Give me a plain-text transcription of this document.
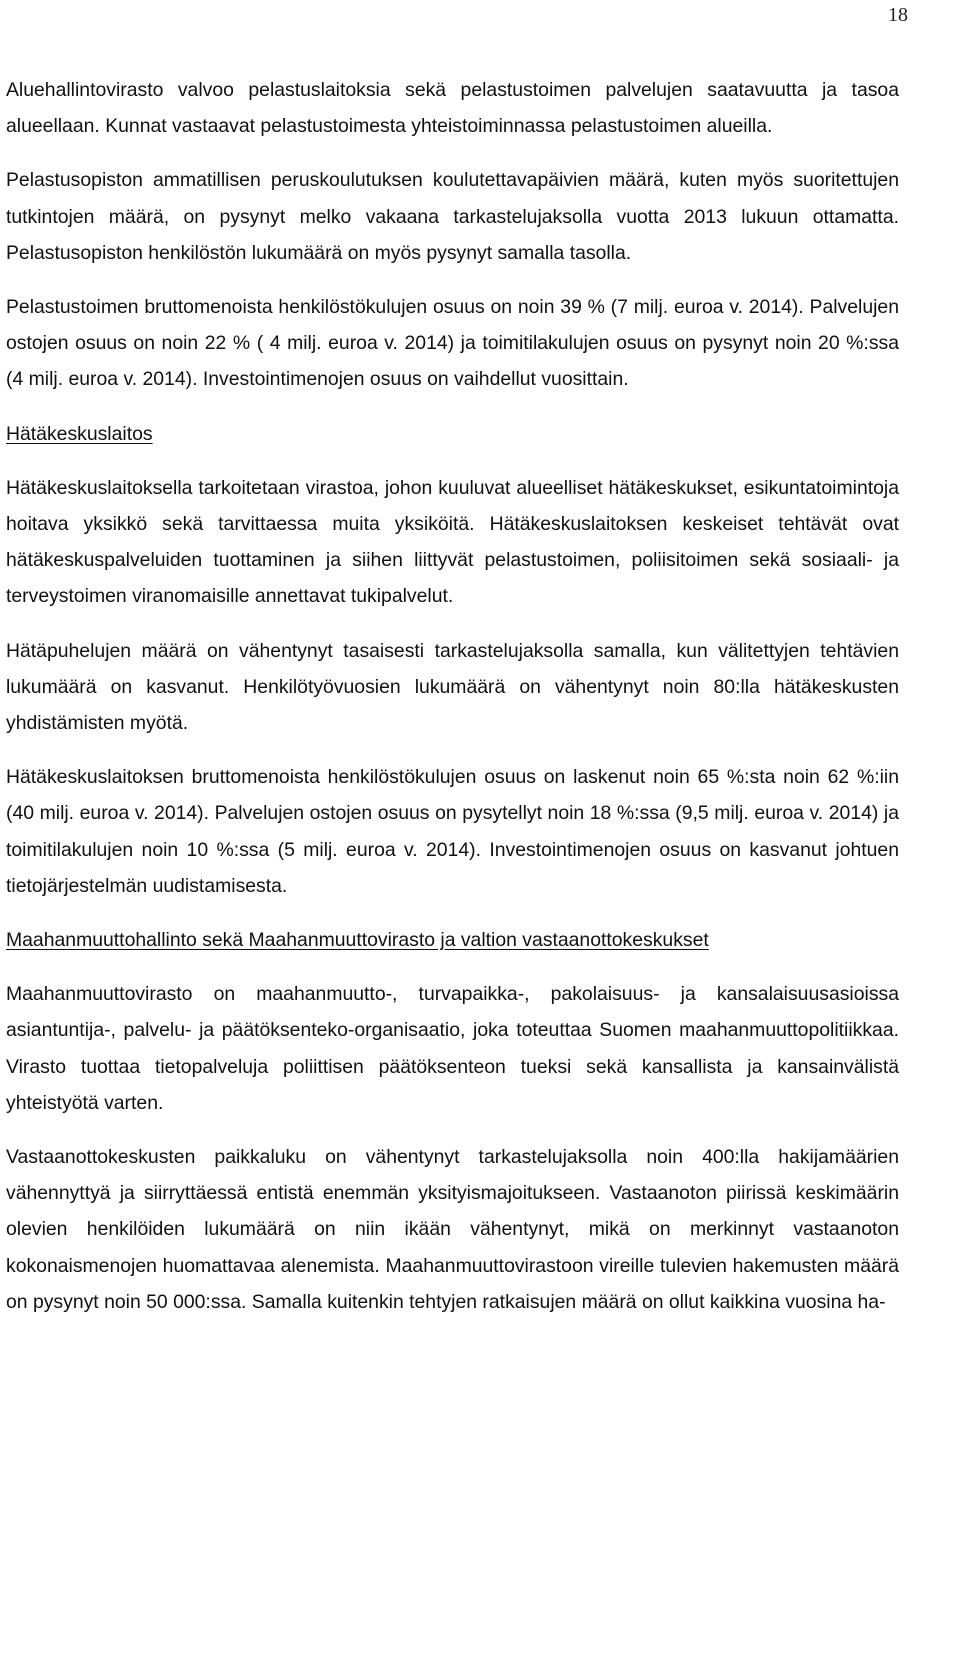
18

Aluehallintovirasto valvoo pelastuslaitoksia sekä pelastustoimen palvelujen saatavuutta ja tasoa alueellaan. Kunnat vastaavat pelastustoimesta yhteistoiminnassa pelastustoimen alueilla.

Pelastusopiston ammatillisen peruskoulutuksen koulutettavapäivien määrä, kuten myös suoritettujen tutkintojen määrä, on pysynyt melko vakaana tarkastelujaksolla vuotta 2013 lukuun ottamatta. Pelastusopiston henkilöstön lukumäärä on myös pysynyt samalla tasolla.

Pelastustoimen bruttomenoista henkilöstökulujen osuus on noin 39 % (7 milj. euroa v. 2014). Palvelujen ostojen osuus on noin 22 % ( 4 milj. euroa v. 2014) ja toimitilakulujen osuus on pysynyt noin 20 %:ssa (4 milj. euroa v. 2014). Investointimenojen osuus on vaihdellut vuosittain.

Hätäkeskuslaitos

Hätäkeskuslaitoksella tarkoitetaan virastoa, johon kuuluvat alueelliset hätäkeskukset, esikuntatoimintoja hoitava yksikkö sekä tarvittaessa muita yksiköitä. Hätäkeskuslaitoksen keskeiset tehtävät ovat hätäkeskuspalveluiden tuottaminen ja siihen liittyvät pelastustoimen, poliisitoimen sekä sosiaali- ja terveystoimen viranomaisille annettavat tukipalvelut.

Hätäpuhelujen määrä on vähentynyt tasaisesti tarkastelujaksolla samalla, kun välitettyjen tehtävien lukumäärä on kasvanut. Henkilötyövuosien lukumäärä on vähentynyt noin 80:lla hätäkeskusten yhdistämisten myötä.

Hätäkeskuslaitoksen bruttomenoista henkilöstökulujen osuus on laskenut noin 65 %:sta noin 62 %:iin (40 milj. euroa v. 2014). Palvelujen ostojen osuus on pysytellyt noin 18 %:ssa (9,5 milj. euroa v. 2014) ja toimitilakulujen noin 10 %:ssa (5 milj. euroa v. 2014). Investointimenojen osuus on kasvanut johtuen tietojärjestelmän uudistamisesta.

Maahanmuuttohallinto sekä Maahanmuuttovirasto ja valtion vastaanottokeskukset

Maahanmuuttovirasto on maahanmuutto-, turvapaikka-, pakolaisuus- ja kansalaisuusasioissa asiantuntija-, palvelu- ja päätöksenteko-organisaatio, joka toteuttaa Suomen maahanmuuttopolitiikkaa. Virasto tuottaa tietopalveluja poliittisen päätöksenteon tueksi sekä kansallista ja kansainvälistä yhteistyötä varten.

Vastaanottokeskusten paikkaluku on vähentynyt tarkastelujaksolla noin 400:lla hakijamäärien vähennyttyä ja siirryttäessä entistä enemmän yksityismajoitukseen. Vastaanoton piirissä keskimäärin olevien henkilöiden lukumäärä on niin ikään vähentynyt, mikä on merkinnyt vastaanoton kokonaismenojen huomattavaa alenemista. Maahanmuuttovirastoon vireille tulevien hakemusten määrä on pysynyt noin 50 000:ssa. Samalla kuitenkin tehtyjen ratkaisujen määrä on ollut kaikkina vuosina ha-
